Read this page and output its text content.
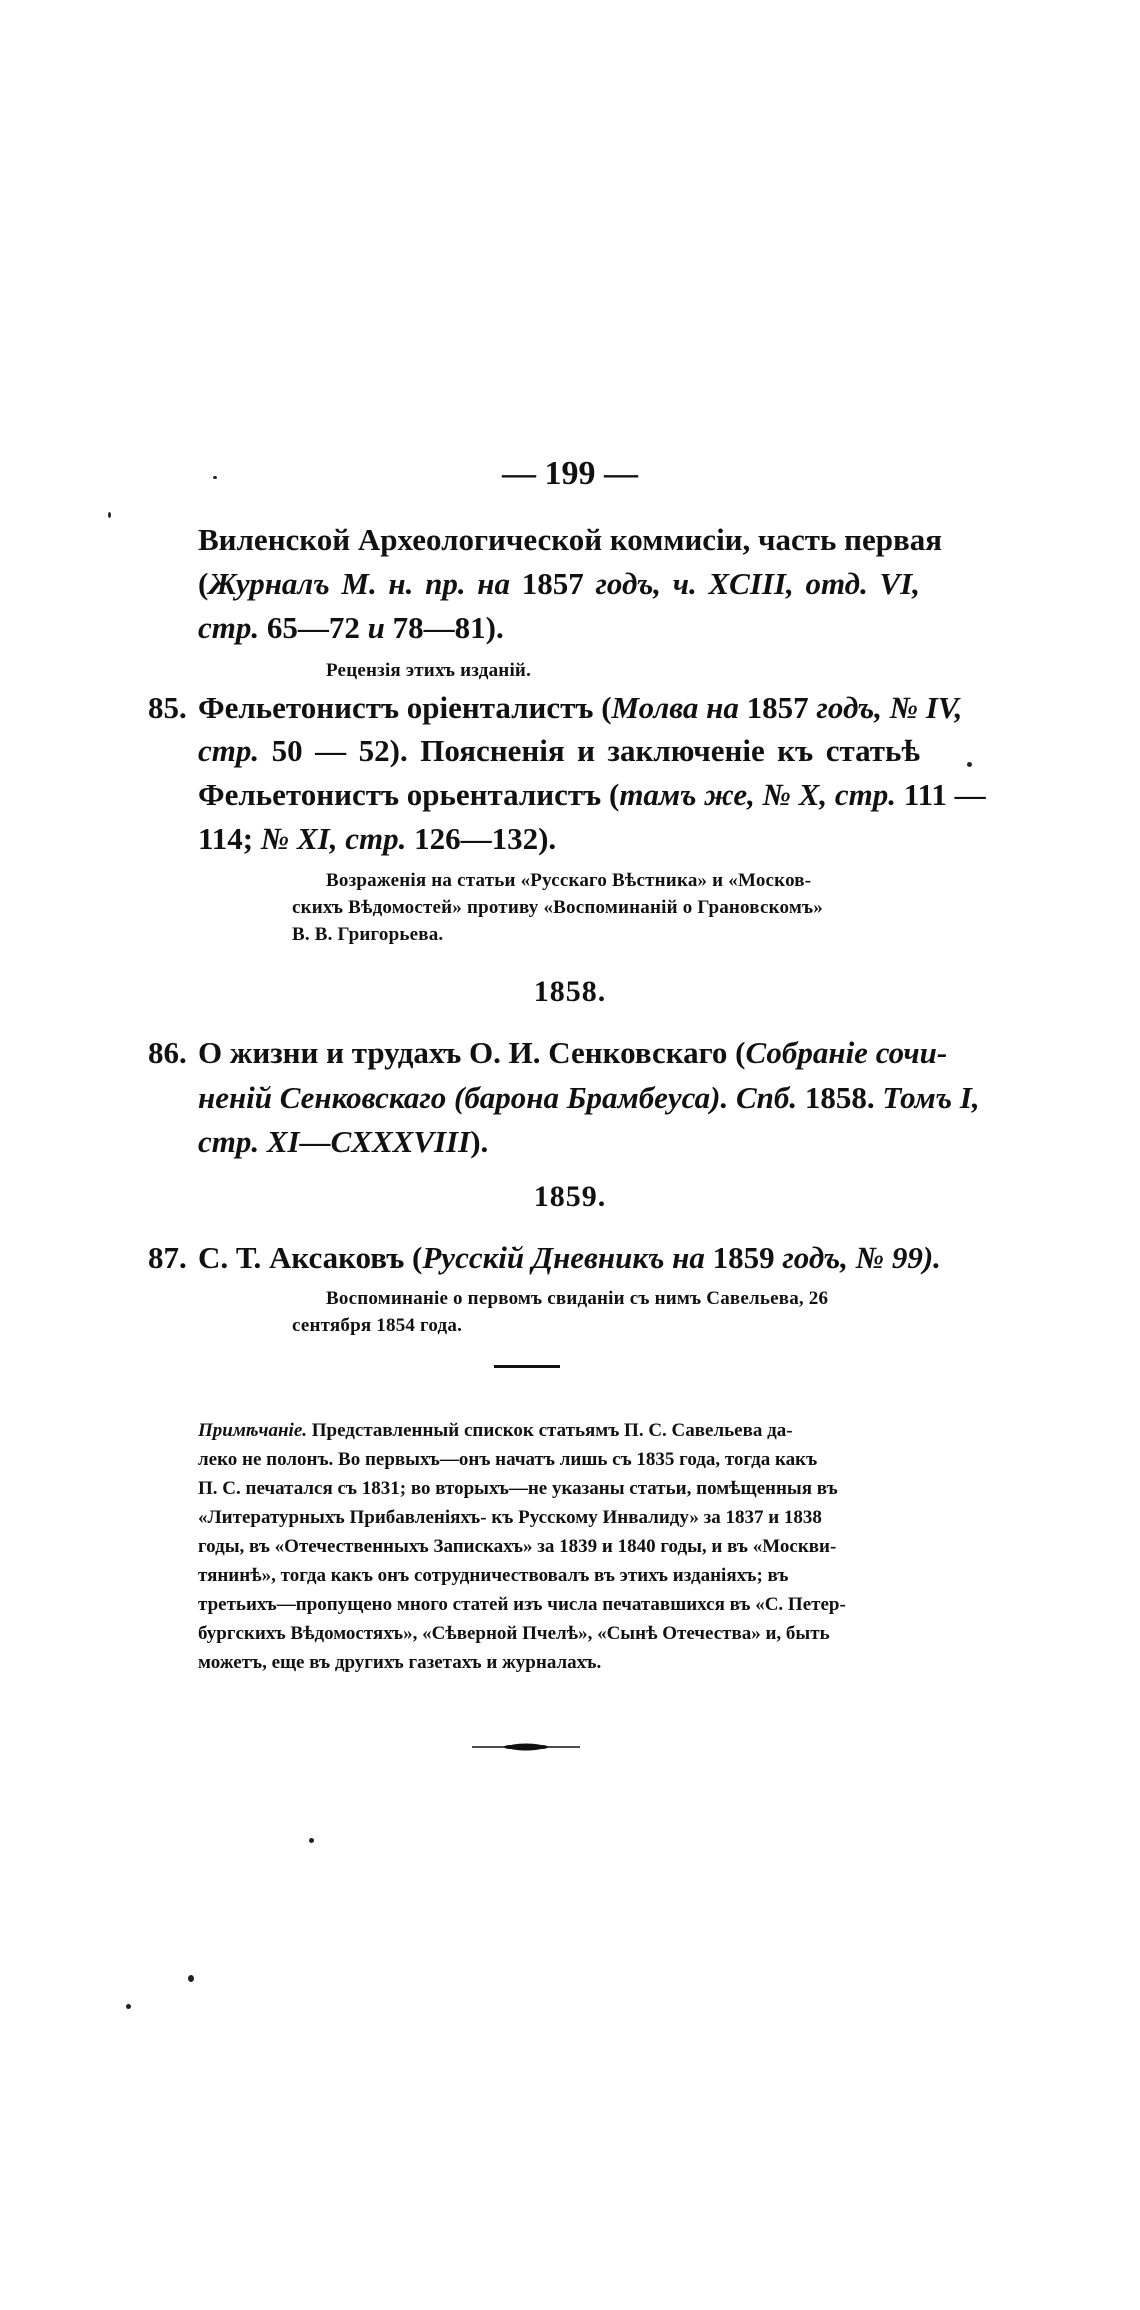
— 199 —
Виленской Археологической коммисіи, часть первая
(Журналъ М. н. пр. на 1857 годъ, ч. XCIII, отд. VI,
стр. 65—72 и 78—81).
Рецензія этихъ изданій.
85. Фельетонистъ оріенталистъ (Молва на 1857 годъ, № IV,
стр. 50 — 52). Поясненія и заключеніе къ статьѣ
Фельетонистъ орьенталистъ (тамъ же, № X, стр. 111 —
114; № XI, стр. 126—132).
Возраженія на статьи «Русскаго Вѣстника» и «Москов-
скихъ Вѣдомостей» противу «Воспоминаній о Грановскомъ»
В. В. Григорьева.
1858.
86. О жизни и трудахъ О. И. Сенковскаго (Собраніе сочи-
неній Сенковскаго (барона Брамбеуса). Спб. 1858. Томъ I,
стр. XI—CXXXVIII).
1859.
87. С. Т. Аксаковъ (Русскій Дневникъ на 1859 годъ, № 99).
Воспоминаніе о первомъ свиданіи съ нимъ Савельева, 26
сентября 1854 года.
Примѣчаніе. Представленный спискок статьямъ П. С. Савельева да-
леко не полонъ. Во первыхъ—онъ начатъ лишь съ 1835 года, тогда какъ
П. С. печатался съ 1831; во вторыхъ—не указаны статьи, помѣщенныя въ
«Литературныхъ Прибавленіяхъ- къ Русскому Инвалиду» за 1837 и 1838
годы, въ «Отечественныхъ Запискахъ» за 1839 и 1840 годы, и въ «Москви-
тянинѣ», тогда какъ онъ сотрудничествовалъ въ этихъ изданіяхъ; въ
третьихъ—пропущено много статей изъ числа печатавшихся въ «С. Петер-
бургскихъ Вѣдомостяхъ», «Сѣверной Пчелѣ», «Сынѣ Отечества» и, быть
можетъ, еще въ другихъ газетахъ и журналахъ.
